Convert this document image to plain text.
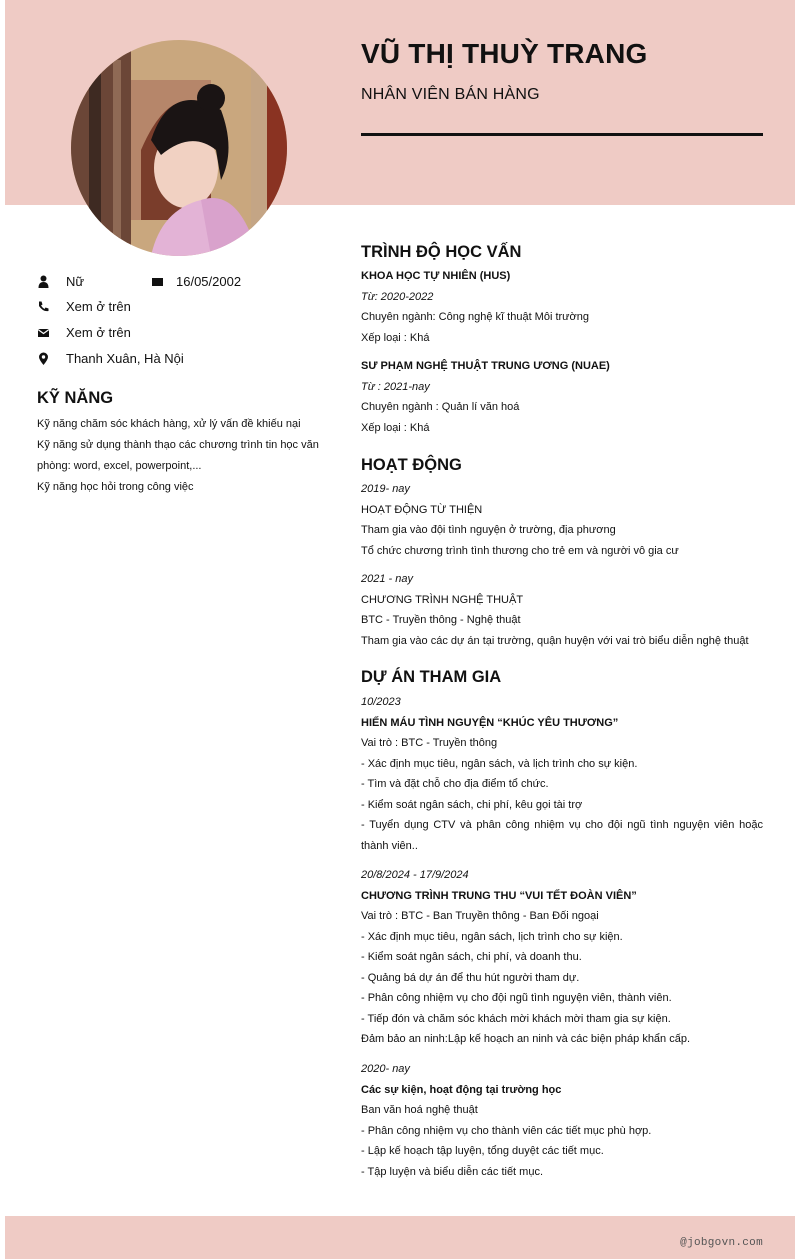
VŨ THỊ THUỲ TRANG
NHÂN VIÊN BÁN HÀNG
Nữ	16/05/2002
Xem ở trên
Xem ở trên
Thanh Xuân, Hà Nội
KỸ NĂNG
Kỹ năng chăm sóc khách hàng, xử lý vấn đề khiếu nại
Kỹ năng sử dụng thành thạo các chương trình tin học văn phòng: word, excel, powerpoint,...
Kỹ năng học hỏi trong công việc
TRÌNH ĐỘ HỌC VẤN
KHOA HỌC TỰ NHIÊN (HUS)
Từ: 2020-2022
Chuyên ngành: Công nghệ kĩ thuật Môi trường
Xếp loại : Khá
SƯ PHẠM NGHỆ THUẬT TRUNG ƯƠNG (NUAE)
Từ : 2021-nay
Chuyên ngành : Quản lí văn hoá
Xếp loại : Khá
HOẠT ĐỘNG
2019- nay
HOẠT ĐỘNG TỪ THIỆN
Tham gia vào đội tình nguyện ở trường, địa phương
Tổ chức chương trình tình thương cho trẻ em và người vô gia cư
2021 - nay
CHƯƠNG TRÌNH NGHỆ THUẬT
BTC - Truyền thông - Nghệ thuật
Tham gia vào các dự án tại trường, quận huyện với vai trò biểu diễn nghệ thuật
DỰ ÁN THAM GIA
10/2023
HIẾN MÁU TÌNH NGUYỆN “KHÚC YÊU THƯƠNG”
Vai trò : BTC - Truyền thông
- Xác định mục tiêu, ngân sách, và lịch trình cho sự kiện.
- Tìm và đặt chỗ cho địa điểm tổ chức.
- Kiểm soát ngân sách, chi phí, kêu gọi tài trợ
- Tuyển dụng CTV và phân công nhiệm vụ cho đội ngũ tình nguyện viên hoặc
thành viên..
20/8/2024 - 17/9/2024
CHƯƠNG TRÌNH TRUNG THU “VUI TẾT ĐOÀN VIÊN”
Vai trò : BTC - Ban Truyền thông - Ban Đối ngoại
- Xác định mục tiêu, ngân sách, lịch trình cho sự kiện.
- Kiểm soát ngân sách, chi phí, và doanh thu.
- Quảng bá dự án để thu hút người tham dự.
- Phân công nhiệm vụ cho đội ngũ tình nguyện viên, thành viên.
- Tiếp đón và chăm sóc khách mời khách mời tham gia sự kiện.
Đảm bảo an ninh:Lập kế hoạch an ninh và các biện pháp khẩn cấp.
2020- nay
Các sự kiện, hoạt động tại trường học
Ban văn hoá nghệ thuật
- Phân công nhiệm vụ cho thành viên các tiết mục phù hợp.
- Lập kế hoạch tập luyện, tổng duyệt các tiết mục.
- Tập luyện và biểu diễn các tiết mục.
@jobgovn.com
